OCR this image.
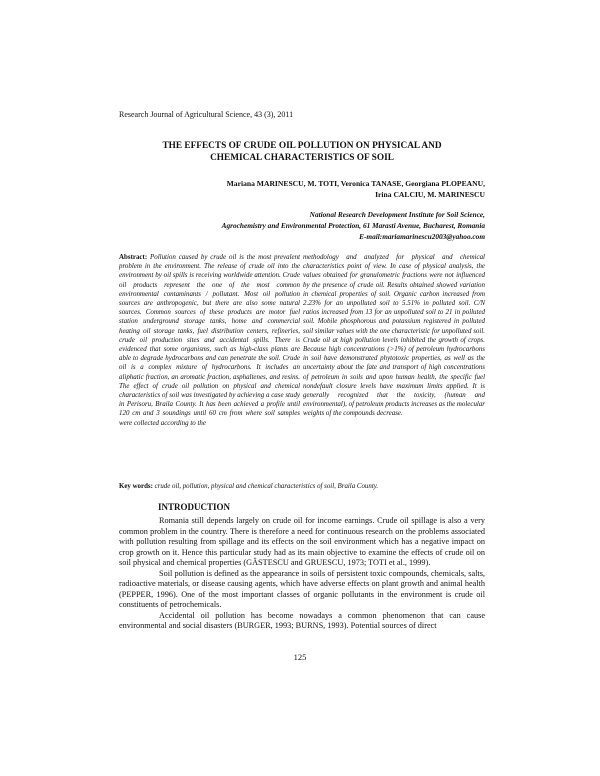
Research Journal of Agricultural Science, 43 (3), 2011
THE EFFECTS OF CRUDE OIL POLLUTION ON PHYSICAL AND
CHEMICAL CHARACTERISTICS OF SOIL
Mariana MARINESCU, M. TOTI, Veronica TANASE, Georgiana PLOPEANU,
Irina CALCIU, M. MARINESCU
National Research Development Institute for Soil Science,
Agrochemistry and Environmental Protection, 61 Marasti Avenue, Bucharest, Romania
E-mail:mariamarinescu2003@yahoo.com
Abstract: Pollution caused by crude oil is the most prevalent problem in the environment. The release of crude oil into the environment by oil spills is receiving worldwide attention. Crude oil products represent the one of the most common environmental contaminants / pollutant. Most oil pollution sources are anthropogenic, but there are also some natural sources. Common sources of these products are motor fuel station underground storage tanks, home and commercial heating oil storage tanks, fuel distribution centers, refineries, crude oil production sites and accidental spills. There is evidenced that some organisms, such as high-class plants are able to degrade hydrocarbons and can penetrate the soil. Crude oil is a complex mixture of hydrocarbons. It includes an aliphatic fraction, an aromatic fraction, asphaltenes, and resins. The effect of crude oil pollution on physical and chemical characteristics of soil was investigated by achieving a case study in Perisoru, Braila County. It has been achieved a profile until 120 cm and 3 soundings until 60 cm from where soil samples were collected according to the
methodology and analyzed for physical and chemical characteristics point of view. In case of physical analysis, the values obtained for granulometric fractions were not influenced by the presence of crude oil. Results obtained showed variation in chemical properties of soil. Organic carbon increased from 2.23% for an unpolluted soil to 5.51% in polluted soil. C/N ratios increased from 13 for an unpolluted soil to 21 in polluted soil. Mobile phosphorous and potassium registered in polluted soil similar values with the one characteristic for unpolluted soil. Crude oil at high pollution levels inhibited the growth of crops. Because high concentrations (>1%) of petroleum hydrocarbons in soil have demonstrated phytotoxic properties, as well as the uncertainty about the fate and transport of high concentrations of petroleum in soils and upon human health, the specific fuel nondefault closure levels have maximum limits applied. It is generally recognized that the toxicity, (human and environmental), of petroleum products increases as the molecular weights of the compounds decrease.
Key words: crude oil, pollution, physical and chemical characteristics of soil, Braila County.
INTRODUCTION

Romania still depends largely on crude oil for income earnings. Crude oil spillage is also a very common problem in the country. There is therefore a need for continuous research on the problems associated with pollution resulting from spillage and its effects on the soil environment which has a negative impact on crop growth on it. Hence this particular study had as its main objective to examine the effects of crude oil on soil physical and chemical properties (GÂSTESCU and GRUESCU, 1973; TOTI et al., 1999).

Soil pollution is defined as the appearance in soils of persistent toxic compounds, chemicals, salts, radioactive materials, or disease causing agents, which have adverse effects on plant growth and animal health (PEPPER, 1996). One of the most important classes of organic pollutants in the environment is crude oil constituents of petrochemicals.

Accidental oil pollution has become nowadays a common phenomenon that can cause environmental and social disasters (BURGER, 1993; BURNS, 1993). Potential sources of direct

125
